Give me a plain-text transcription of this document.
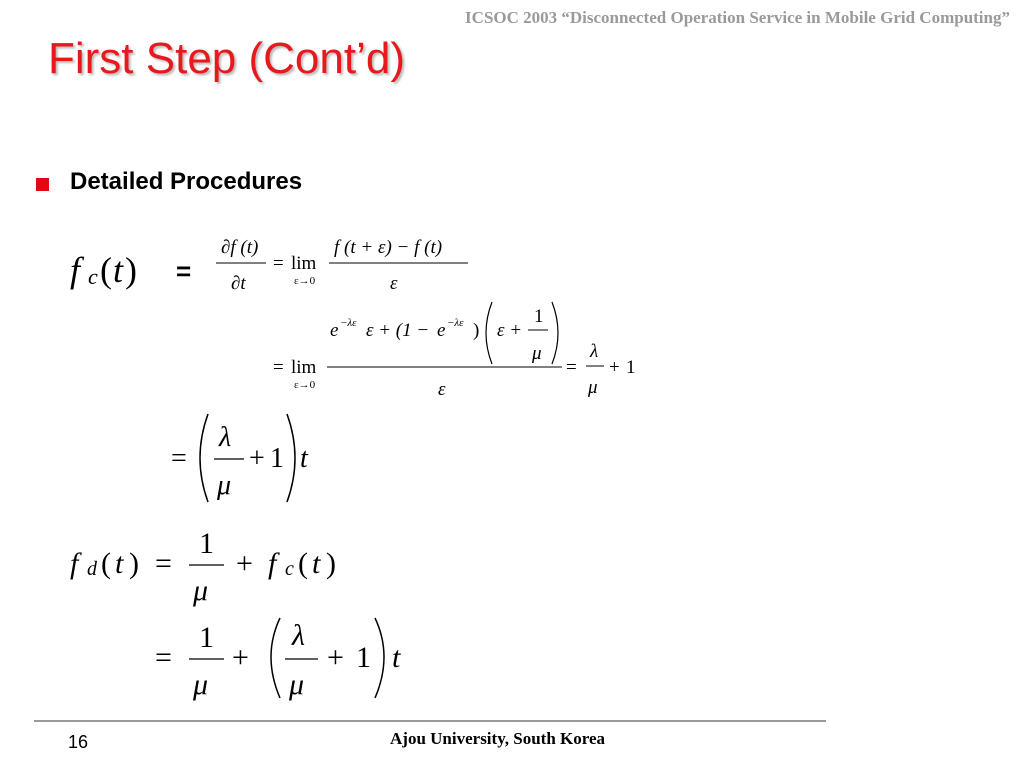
ICSOC 2003 “Disconnected Operation Service in Mobile Grid Computing”
First Step (Cont’d)
Detailed Procedures
=
f c ( t )
∂f (t)
∂t
= lim
ε→0
f (t + ε) − f (t)
ε
e −λε ε + (1 − e −λε ) ε +
1
μ
= lim
ε→0	ε
=
λ
μ
+ 1
=
λ
μ
+ 1 t
f d ( t ) =
1
μ
+ f c ( t )
=
1
μ
+
λ
μ
+ 1 t
16	Ajou University, South Korea
